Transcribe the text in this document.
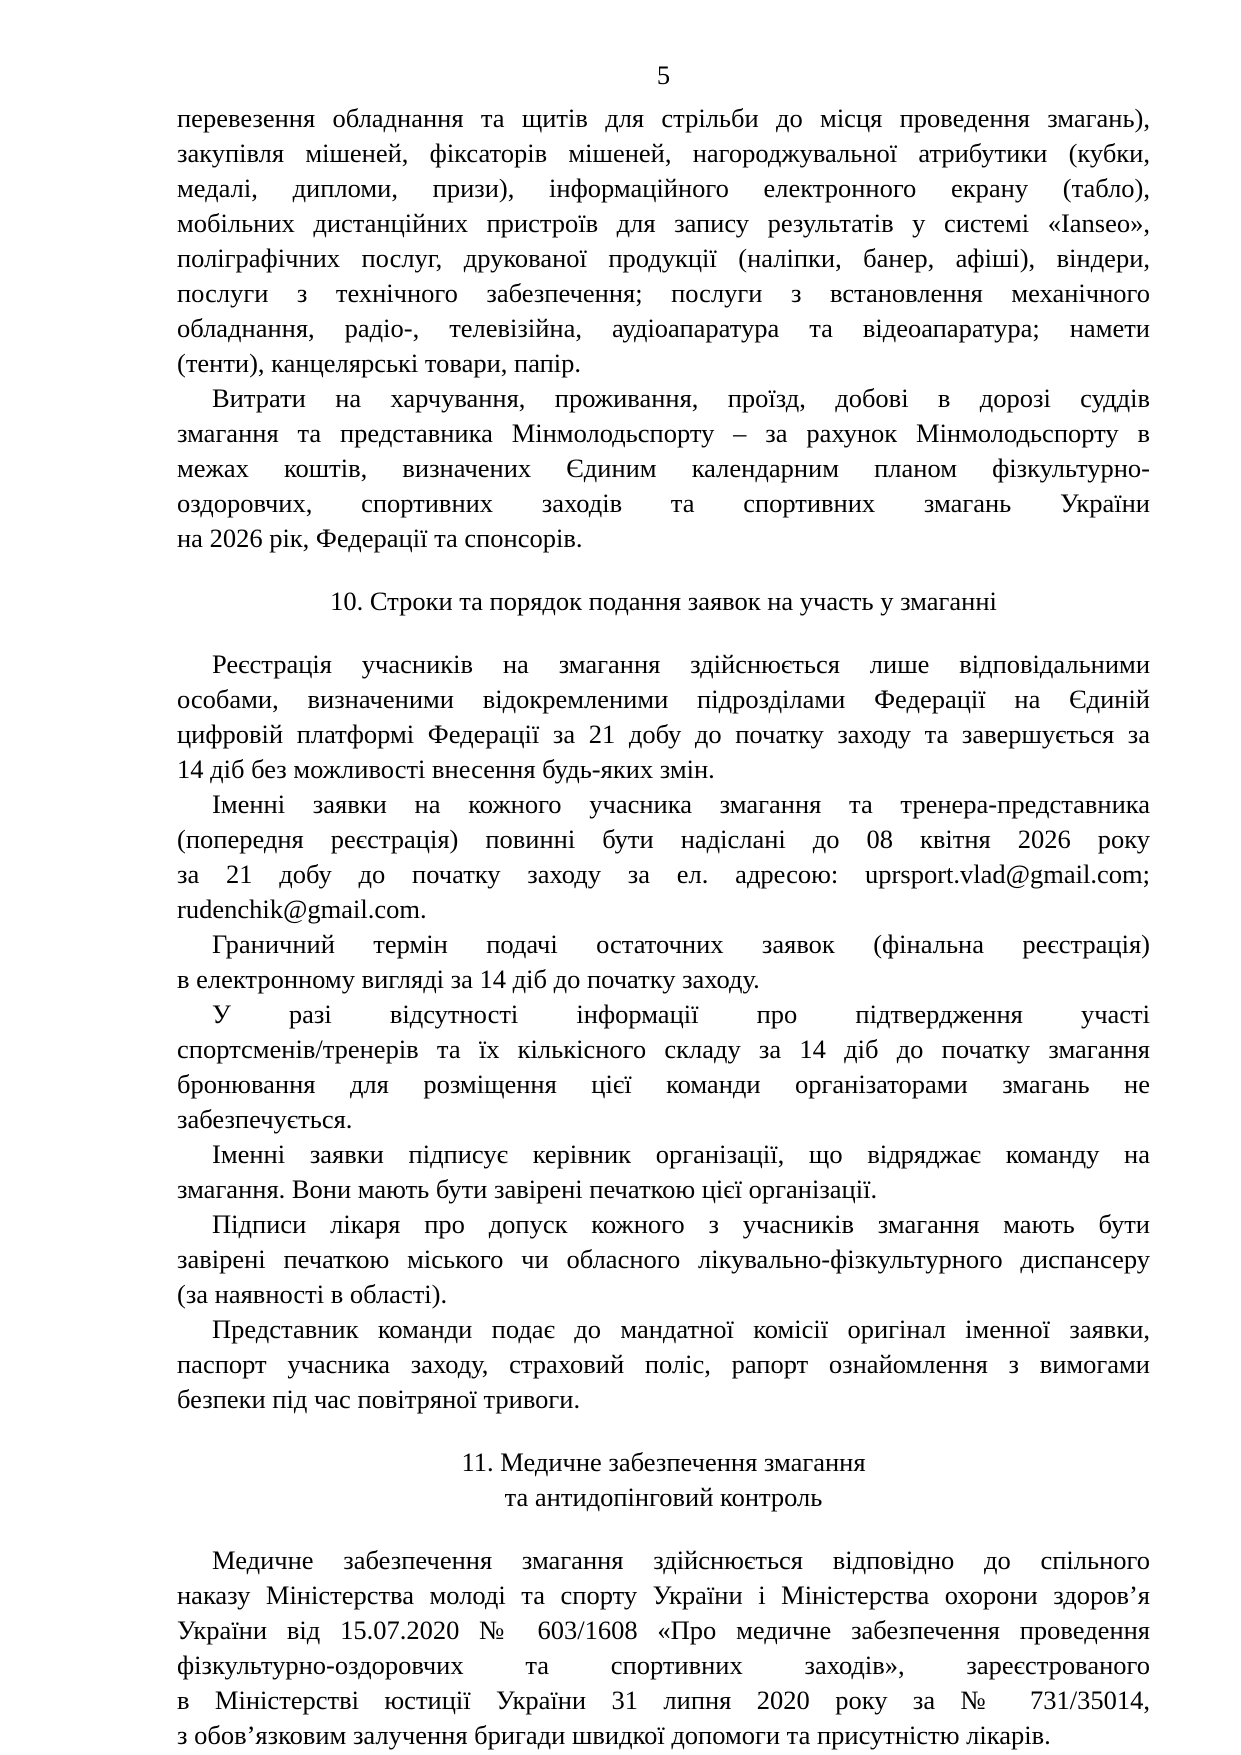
5
перевезення обладнання та щитів для стрільби до місця проведення змагань),
закупівля мішеней, фіксаторів мішеней, нагороджувальної атрибутики (кубки,
медалі, дипломи, призи), інформаційного електронного екрану (табло),
мобільних дистанційних пристроїв для запису результатів у системі «Ianseo»,
поліграфічних послуг, друкованої продукції (наліпки, банер, афіші), віндери,
послуги з технічного забезпечення; послуги з встановлення механічного
обладнання, радіо-, телевізійна, аудіоапаратура та відеоапаратура; намети
(тенти), канцелярські товари, папір.
Витрати на харчування, проживання, проїзд, добові в дорозі суддів
змагання та представника Мінмолодьспорту – за рахунок Мінмолодьспорту в
межах коштів, визначених Єдиним календарним планом фізкультурно-
оздоровчих, спортивних заходів та спортивних змагань України
на 2026 рік, Федерації та спонсорів.
10. Строки та порядок подання заявок на участь у змаганні
Реєстрація учасників на змагання здійснюється лише відповідальними
особами, визначеними відокремленими підрозділами Федерації на Єдиній
цифровій платформі Федерації за 21 добу до початку заходу та завершується за
14 діб без можливості внесення будь-яких змін.
Іменні заявки на кожного учасника змагання та тренера-представника
(попередня реєстрація) повинні бути надіслані до 08 квітня 2026 року
за 21 добу до початку заходу за ел. адресою: uprsport.vlad@gmail.com;
rudenchik@gmail.com.
Граничний термін подачі остаточних заявок (фінальна реєстрація)
в електронному вигляді за 14 діб до початку заходу.
У разі відсутності інформації про підтвердження участі
спортсменів/тренерів та їх кількісного складу за 14 діб до початку змагання
бронювання для розміщення цієї команди організаторами змагань не
забезпечується.
Іменні заявки підписує керівник організації, що відряджає команду на
змагання. Вони мають бути завірені печаткою цієї організації.
Підписи лікаря про допуск кожного з учасників змагання мають бути
завірені печаткою міського чи обласного лікувально-фізкультурного диспансеру
(за наявності в області).
Представник команди подає до мандатної комісії оригінал іменної заявки,
паспорт учасника заходу, страховий поліс, рапорт ознайомлення з вимогами
безпеки під час повітряної тривоги.
11. Медичне забезпечення змагання
та антидопінговий контроль
Медичне забезпечення змагання здійснюється відповідно до спільного
наказу Міністерства молоді та спорту України і Міністерства охорони здоров’я
України від 15.07.2020 № 603/1608 «Про медичне забезпечення проведення
фізкультурно-оздоровчих та спортивних заходів», зареєстрованого
в Міністерстві юстиції України 31 липня 2020 року за № 731/35014,
з обов’язковим залучення бригади швидкої допомоги та присутністю лікарів.
